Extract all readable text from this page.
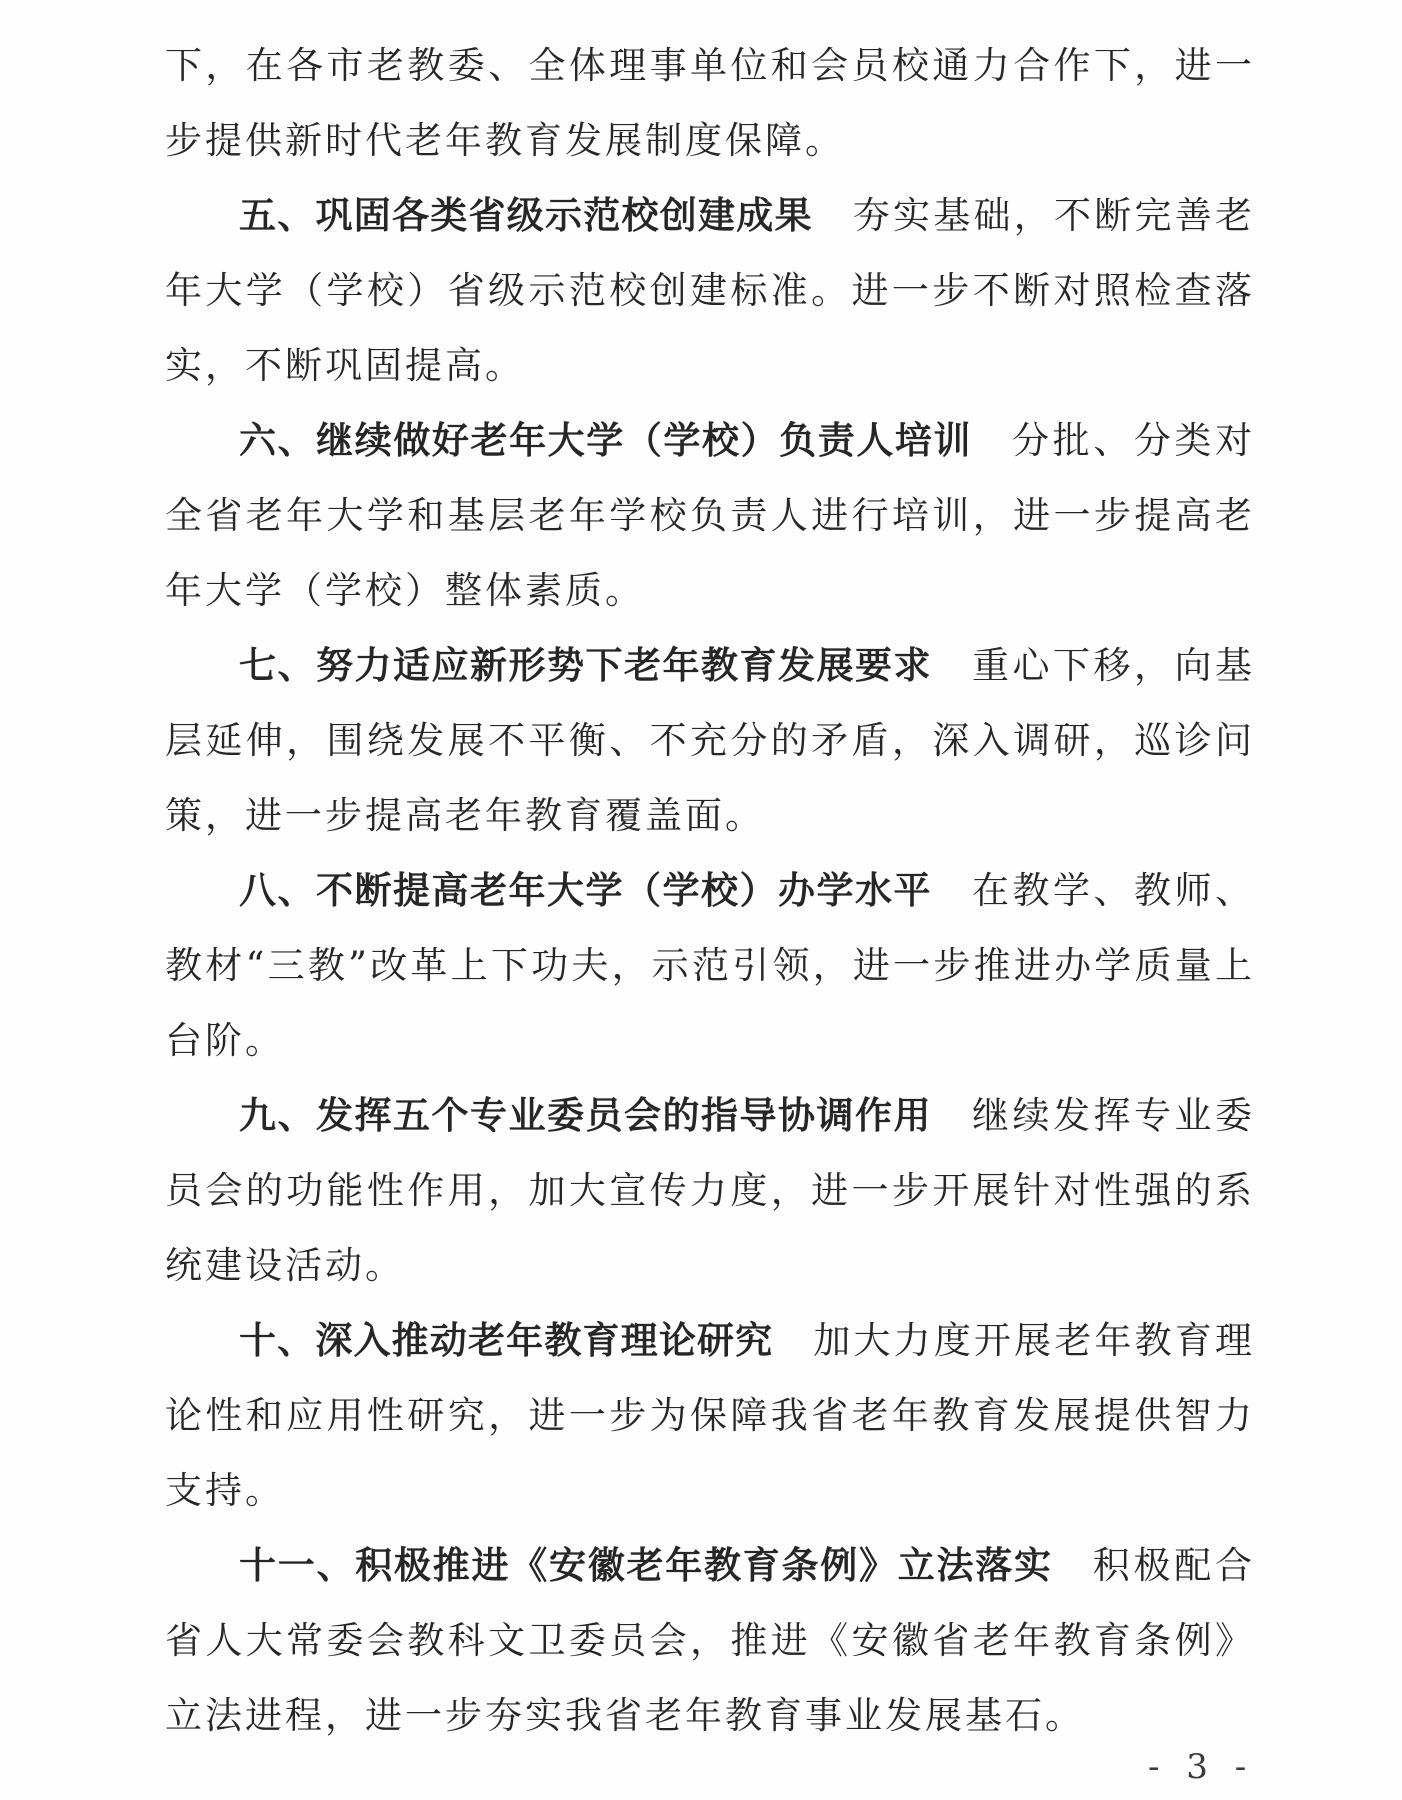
下，在各市老教委、全体理事单位和会员校通力合作下，进一步提供新时代老年教育发展制度保障。

五、巩固各类省级示范校创建成果 夯实基础，不断完善老年大学（学校）省级示范校创建标准。进一步不断对照检查落实，不断巩固提高。

六、继续做好老年大学（学校）负责人培训 分批、分类对全省老年大学和基层老年学校负责人进行培训，进一步提高老年大学（学校）整体素质。

七、努力适应新形势下老年教育发展要求 重心下移，向基层延伸，围绕发展不平衡、不充分的矛盾，深入调研，巡诊问策，进一步提高老年教育覆盖面。

八、不断提高老年大学（学校）办学水平 在教学、教师、教材“三教”改革上下功夫，示范引领，进一步推进办学质量上台阶。

九、发挥五个专业委员会的指导协调作用 继续发挥专业委员会的功能性作用，加大宣传力度，进一步开展针对性强的系统建设活动。

十、深入推动老年教育理论研究 加大力度开展老年教育理论性和应用性研究，进一步为保障我省老年教育发展提供智力支持。

十一、积极推进《安徽老年教育条例》立法落实 积极配合省人大常委会教科文卫委员会，推进《安徽省老年教育条例》立法进程，进一步夯实我省老年教育事业发展基石。

- 3 -
